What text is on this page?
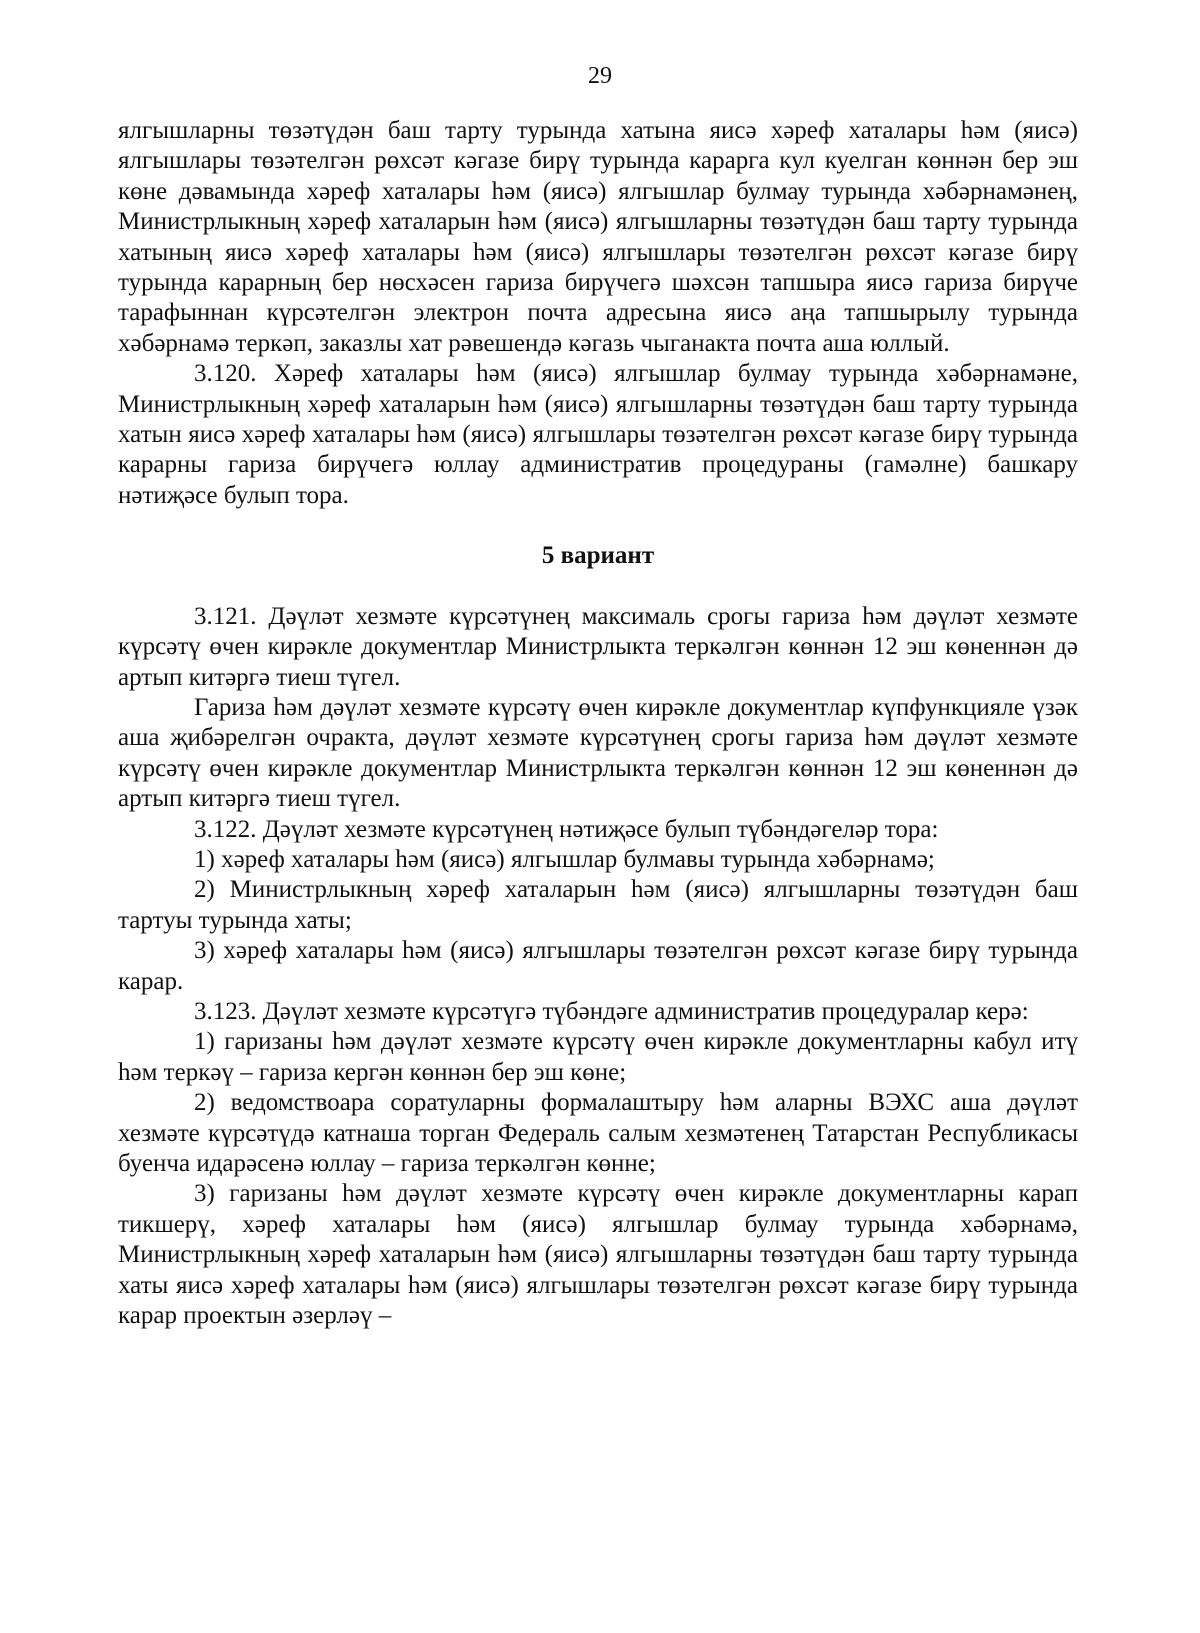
29

ялгышларны төзәтүдән баш тарту турында хатына яисә хәреф хаталары һәм (яисә) ялгышлары төзәтелгән рөхсәт кәгазе бирү турында карарга кул куелган көннән бер эш көне дәвамында хәреф хаталары һәм (яисә) ялгышлар булмау турында хәбәрнамәнең, Министрлыкның хәреф хаталарын һәм (яисә) ялгышларны төзәтүдән баш тарту турында хатының яисә хәреф хаталары һәм (яисә) ялгышлары төзәтелгән рөхсәт кәгазе бирү турында карарның бер нөсхәсен гариза бирүчегә шәхсән тапшыра яисә гариза бирүче тарафыннан күрсәтелгән электрон почта адресына яисә аңа тапшырылу турында хәбәрнамә теркәп, заказлы хат рәвешендә кәгазь чыганакта почта аша юллый.

3.120. Хәреф хаталары һәм (яисә) ялгышлар булмау турында хәбәрнамәне, Министрлыкның хәреф хаталарын һәм (яисә) ялгышларны төзәтүдән баш тарту турында хатын яисә хәреф хаталары һәм (яисә) ялгышлары төзәтелгән рөхсәт кәгазе бирү турында карарны гариза бирүчегә юллау административ процедураны (гамәлне) башкару нәтиҗәсе булып тора.

5 вариант

3.121. Дәүләт хезмәте күрсәтүнең максималь срогы гариза һәм дәүләт хезмәте күрсәтү өчен кирәкле документлар Министрлыкта теркәлгән көннән 12 эш көненнән дә артып китәргә тиеш түгел.

Гариза һәм дәүләт хезмәте күрсәтү өчен кирәкле документлар күпфункцияле үзәк аша җибәрелгән очракта, дәүләт хезмәте күрсәтүнең срогы гариза һәм дәүләт хезмәте күрсәтү өчен кирәкле документлар Министрлыкта теркәлгән көннән 12 эш көненнән дә артып китәргә тиеш түгел.

3.122. Дәүләт хезмәте күрсәтүнең нәтиҗәсе булып түбәндәгеләр тора:

1) хәреф хаталары һәм (яисә) ялгышлар булмавы турында хәбәрнамә;

2) Министрлыкның хәреф хаталарын һәм (яисә) ялгышларны төзәтүдән баш тартуы турында хаты;

3) хәреф хаталары һәм (яисә) ялгышлары төзәтелгән рөхсәт кәгазе бирү турында карар.

3.123. Дәүләт хезмәте күрсәтүгә түбәндәге административ процедуралар керә:

1) гаризаны һәм дәүләт хезмәте күрсәтү өчен кирәкле документларны кабул итү һәм теркәү – гариза кергән көннән бер эш көне;

2) ведомствоара соратуларны формалаштыру һәм аларны ВЭХС аша дәүләт хезмәте күрсәтүдә катнаша торган Федераль салым хезмәтенең Татарстан Республикасы буенча идарәсенә юллау – гариза теркәлгән көнне;

3) гаризаны һәм дәүләт хезмәте күрсәтү өчен кирәкле документларны карап тикшерү, хәреф хаталары һәм (яисә) ялгышлар булмау турында хәбәрнамә, Министрлыкның хәреф хаталарын һәм (яисә) ялгышларны төзәтүдән баш тарту турында хаты яисә хәреф хаталары һәм (яисә) ялгышлары төзәтелгән рөхсәт кәгазе бирү турында карар проектын әзерләү –
